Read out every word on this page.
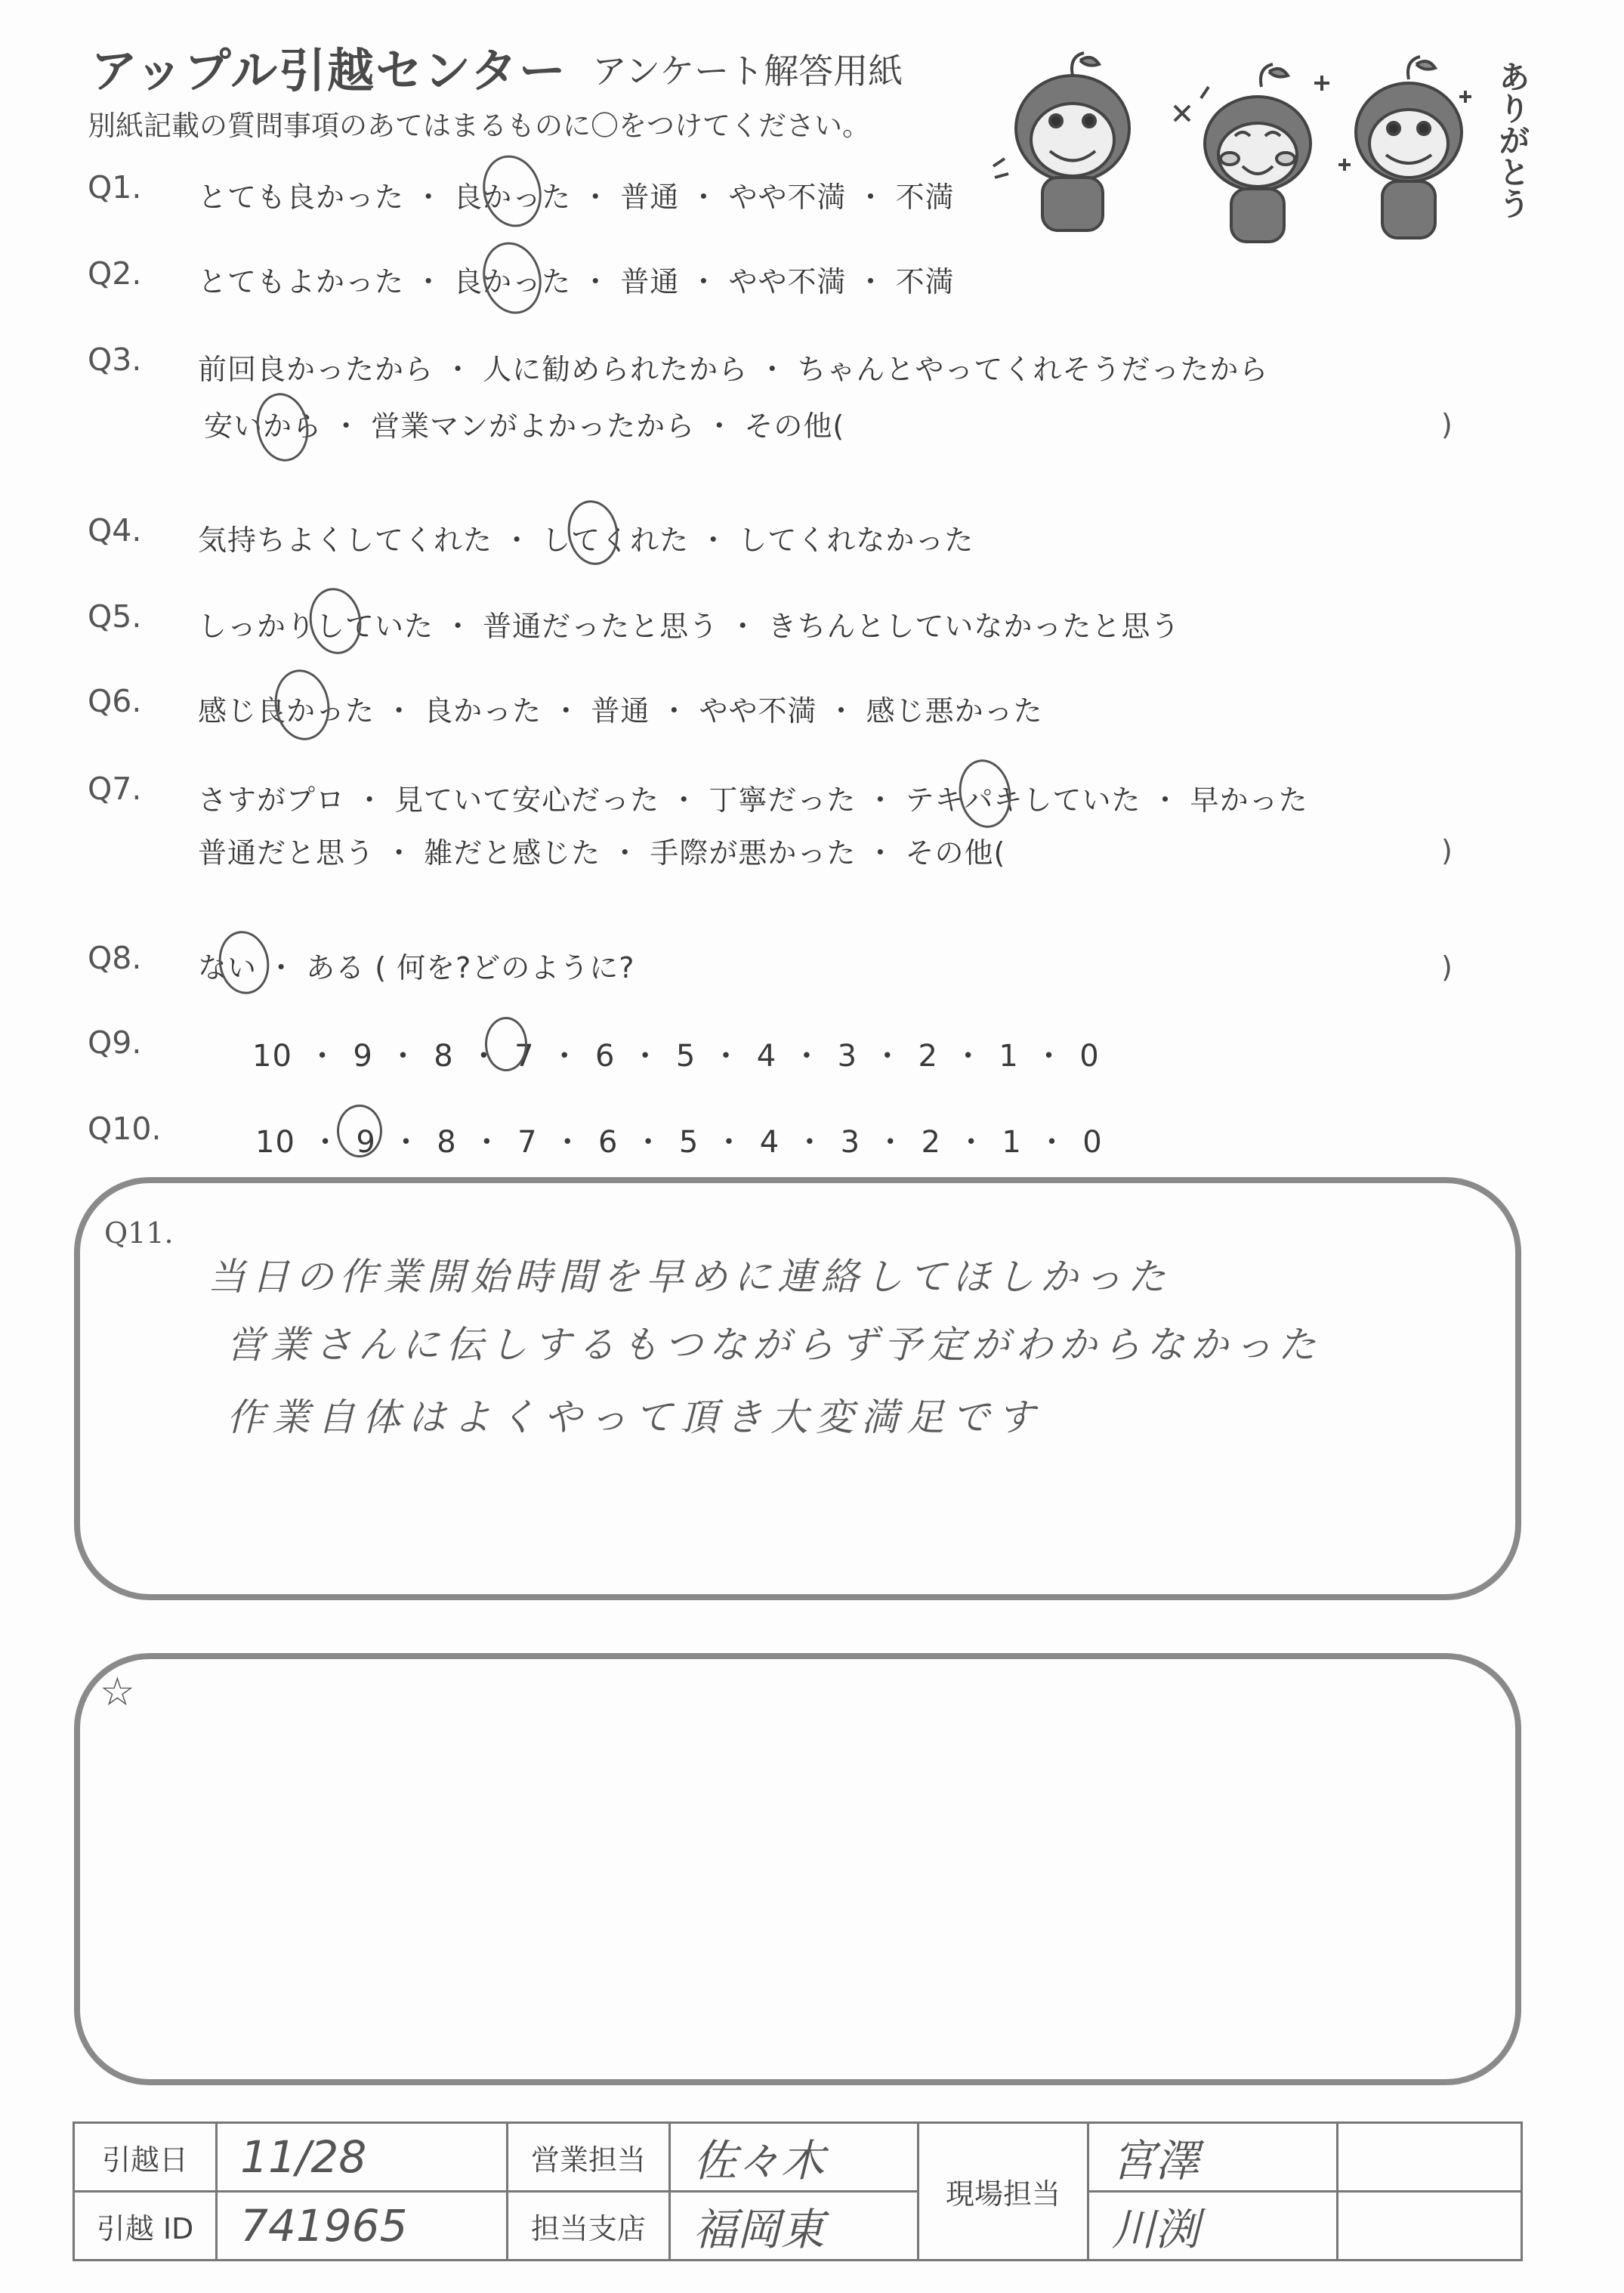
アップル引越センター アンケート解答用紙
別紙記載の質問事項のあてはまるものに〇をつけてください。	ありがとう
Q1. とても良かった ・ 良かった ・ 普通 ・ やや不満 ・ 不満
Q2. とてもよかった ・ 良かった ・ 普通 ・ やや不満 ・ 不満
Q3. 前回良かったから ・ 人に勧められたから ・ ちゃんとやってくれそうだったから
安いから ・ 営業マンがよかったから ・ その他(	)
Q4. 気持ちよくしてくれた ・ してくれた ・ してくれなかった
Q5. しっかりしていた ・ 普通だったと思う ・ きちんとしていなかったと思う
Q6. 感じ良かった ・ 良かった ・ 普通 ・ やや不満 ・ 感じ悪かった
Q7. さすがプロ ・ 見ていて安心だった ・ 丁寧だった ・ テキパキしていた ・ 早かった
普通だと思う ・ 雑だと感じた ・ 手際が悪かった ・ その他(	)
Q8. ない ・ ある ( 何を?どのように?	)
Q9.	10 ・ 9 ・ 8 ・ 7 ・ 6 ・ 5 ・ 4 ・ 3 ・ 2 ・ 1 ・ 0
Q10.	10 ・ 9 ・ 8 ・ 7 ・ 6 ・ 5 ・ 4 ・ 3 ・ 2 ・ 1 ・ 0
Q11.
当日の作業開始時間を早めに連絡してほしかった
営業さんに伝しするもつながらず予定がわからなかった
作業自体はよくやって頂き大変満足です
☆
引越日	11/28	営業担当	佐々木	現場担当	宮澤	
引越 ID	741965	担当支店	福岡東		川渕	
